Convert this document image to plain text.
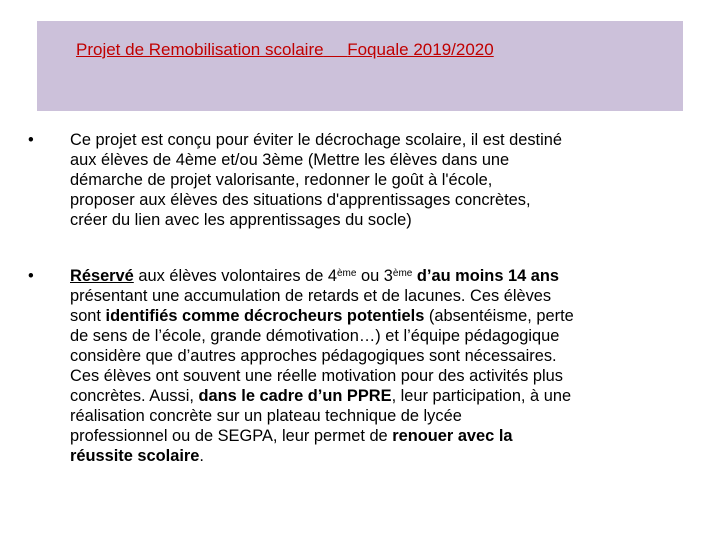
Projet de Remobilisation scolaire Foquale 2019/2020
•	Ce projet est conçu pour éviter le décrochage scolaire, il est destiné
aux élèves de 4ème et/ou 3ème (Mettre les élèves dans une
démarche de projet valorisante, redonner le goût à l'école,
proposer aux élèves des situations d'apprentissages concrètes,
créer du lien avec les apprentissages du socle)
•	Réservé aux élèves volontaires de 4ème ou 3ème d’au moins 14 ans
présentant une accumulation de retards et de lacunes. Ces élèves
sont identifiés comme décrocheurs potentiels (absentéisme, perte
de sens de l’école, grande démotivation…) et l’équipe pédagogique
considère que d’autres approches pédagogiques sont nécessaires.
Ces élèves ont souvent une réelle motivation pour des activités plus
concrètes. Aussi, dans le cadre d’un PPRE, leur participation, à une
réalisation concrète sur un plateau technique de lycée
professionnel ou de SEGPA, leur permet de renouer avec la
réussite scolaire.
